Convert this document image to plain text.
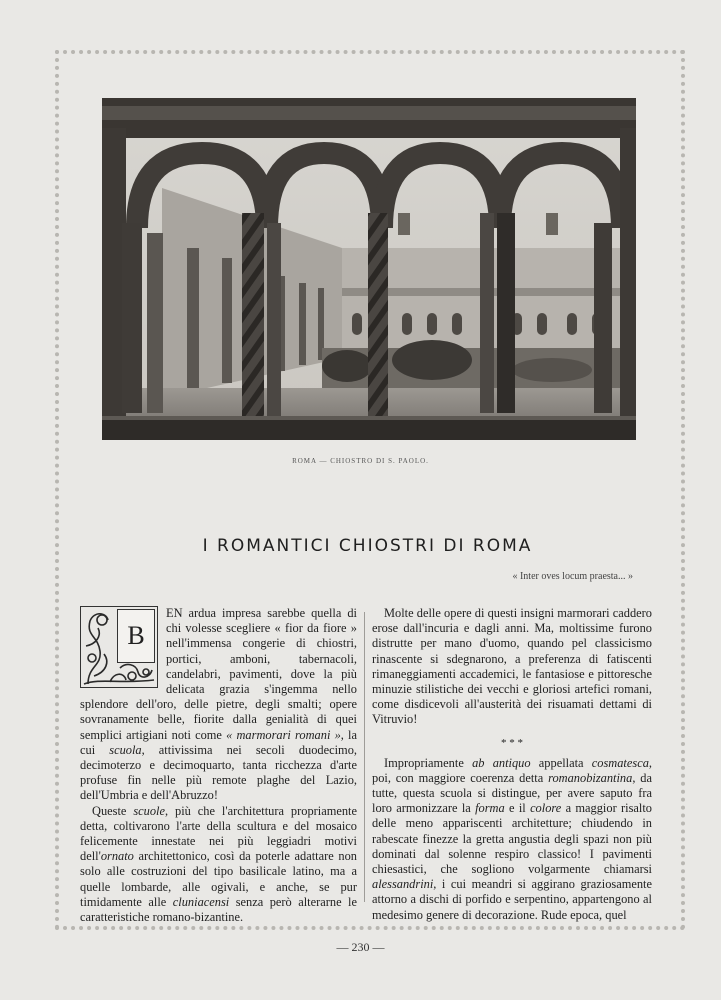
ROMA — CHIOSTRO DI S. PAOLO.
I ROMANTICI CHIOSTRI DI ROMA
« Inter oves locum praesta... »
B

EN ardua impresa sarebbe quella di chi volesse scegliere « fior da fiore » nell'immensa congerie di chiostri, portici, amboni, tabernacoli, candelabri, pavimenti, dove la più delicata grazia s'ingemma nello splendore dell'oro, delle pietre, degli smalti; opere sovranamente belle, fiorite dalla genialità di quei semplici artigiani noti come « marmorari romani », la cui scuola, attivissima nei secoli duodecimo, decimoterzo e decimoquarto, tanta ricchezza d'arte profuse fin nelle più remote plaghe del Lazio, dell'Umbria e dell'Abruzzo!

Queste scuole, più che l'architettura propriamente detta, coltivarono l'arte della scultura e del mosaico felicemente innestate nei più leggiadri motivi dell'ornato architettonico, così da poterle adattare non solo alle costruzioni del tipo basilicale latino, ma a quelle lombarde, alle ogivali, e anche, se pur timidamente alle cluniacensi senza però alterarne le caratteristiche romano-bizantine.

Molte delle opere di questi insigni marmorari caddero erose dall'incuria e dagli anni. Ma, moltissime furono distrutte per mano d'uomo, quando pel classicismo rinascente si sdegnarono, a preferenza di fatiscenti rimaneggiamenti accademici, le fantasiose e pittoresche minuzie stilistiche dei vecchi e gloriosi artefici romani, come disdicevoli all'austerità dei risuamati dettami di Vitruvio!

* * *

Impropriamente ab antiquo appellata cosmatesca, poi, con maggiore coerenza detta romanobizantina, da tutte, questa scuola si distingue, per avere saputo fra loro armonizzare la forma e il colore a maggior risalto delle meno appariscenti architetture; chiudendo in rabescate finezze la gretta angustia degli spazi non più dominati dal solenne respiro classico! I pavimenti chiesastici, che sogliono volgarmente chiamarsi alessandrini, i cui meandri si aggirano graziosamente attorno a dischi di porfido e serpentino, appartengono al medesimo genere di decorazione. Rude epoca, quel

— 230 —
